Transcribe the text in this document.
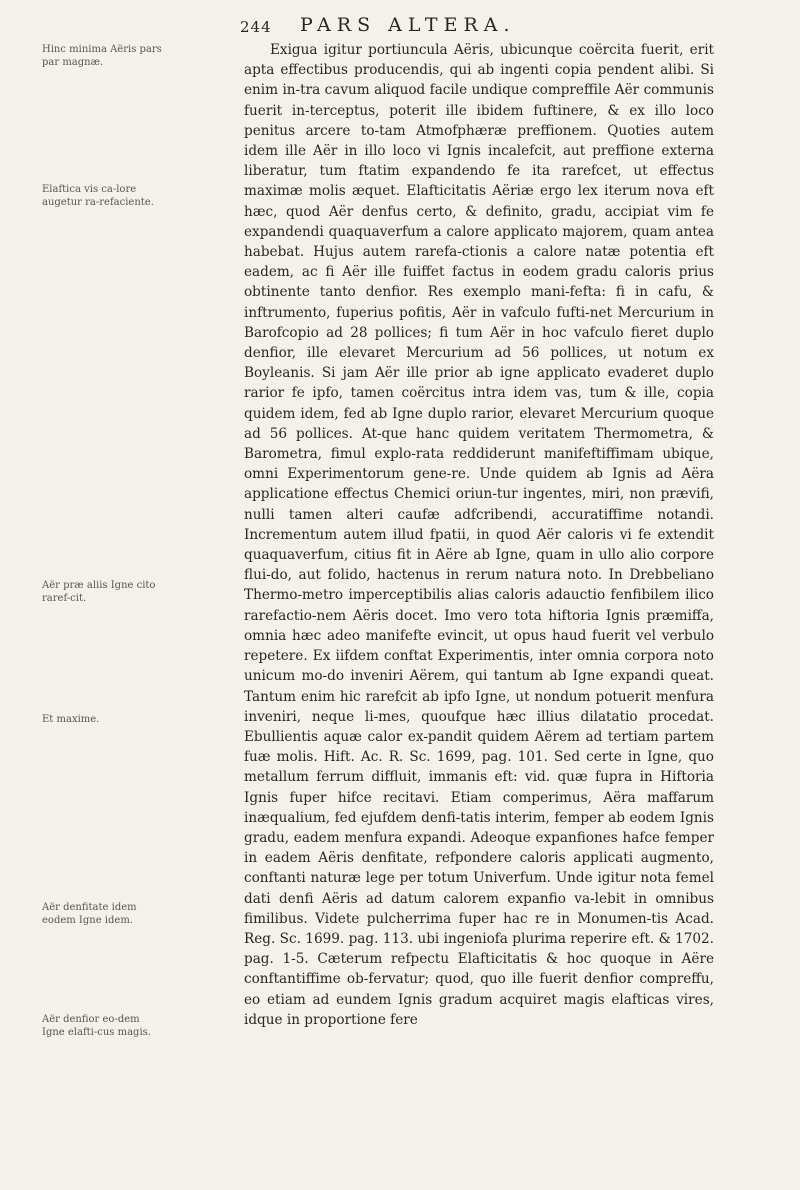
244 PARS ALTERA.
Hinc minima Aëris pars par magnæ.
Elaftica vis ca-lore augetur ra-refaciente.
Aër præ aliis Igne cito raref-cit.
Et maxime.
Aër denfitate idem eodem Igne idem.
Aër denfior eo-dem Igne elafti-cus magis.

Exigua igitur portiuncula Aëris, ubicunque coërcita fuerit, erit apta effectibus producendis, qui ab ingenti copia pendent alibi. Si enim in-tra cavum aliquod facile undique compreffile Aër communis fuerit in-terceptus, poterit ille ibidem fuftinere, & ex illo loco penitus arcere to-tam Atmofphæræ preffionem. Quoties autem idem ille Aër in illo loco vi Ignis incalefcit, aut preffione externa liberatur, tum ftatim expandendo fe ita rarefcet, ut effectus maximæ molis æquet. Elafticitatis Aëriæ ergo lex iterum nova eft hæc, quod Aër denfus certo, & definito, gradu, accipiat vim fe expandendi quaquaverfum a calore applicato majorem, quam antea habebat. Hujus autem rarefa-ctionis a calore natæ potentia eft eadem, ac fi Aër ille fuiffet factus in eodem gradu caloris prius obtinente tanto denfior. Res exemplo mani-fefta: fi in cafu, & inftrumento, fuperius pofitis, Aër in vafculo fufti-net Mercurium in Barofcopio ad 28 pollices; fi tum Aër in hoc vafculo fieret duplo denfior, ille elevaret Mercurium ad 56 pollices, ut notum ex Boyleanis. Si jam Aër ille prior ab igne applicato evaderet duplo rarior fe ipfo, tamen coërcitus intra idem vas, tum & ille, copia quidem idem, fed ab Igne duplo rarior, elevaret Mercurium quoque ad 56 pollices. At-que hanc quidem veritatem Thermometra, & Barometra, fimul explo-rata reddiderunt manifeftiffimam ubique, omni Experimentorum gene-re. Unde quidem ab Ignis ad Aëra applicatione effectus Chemici oriun-tur ingentes, miri, non prævifi, nulli tamen alteri caufæ adfcribendi, accuratiffime notandi. Incrementum autem illud fpatii, in quod Aër caloris vi fe extendit quaquaverfum, citius fit in Aëre ab Igne, quam in ullo alio corpore flui-do, aut folido, hactenus in rerum natura noto. In Drebbeliano Thermo-metro imperceptibilis alias caloris adauctio fenfibilem ilico rarefactio-nem Aëris docet. Imo vero tota hiftoria Ignis præmiffa, omnia hæc adeo manifefte evincit, ut opus haud fuerit vel verbulo repetere. Ex iifdem conftat Experimentis, inter omnia corpora noto unicum mo-do inveniri Aërem, qui tantum ab Igne expandi queat. Tantum enim hic rarefcit ab ipfo Igne, ut nondum potuerit menfura inveniri, neque li-mes, quoufque hæc illius dilatatio procedat. Ebullientis aquæ calor ex-pandit quidem Aërem ad tertiam partem fuæ molis. Hift. Ac. R. Sc. 1699, pag. 101. Sed certe in Igne, quo metallum ferrum diffluit, immanis eft: vid. quæ fupra in Hiftoria Ignis fuper hifce recitavi. Etiam comperimus, Aëra maffarum inæqualium, fed ejufdem denfi-tatis interim, femper ab eodem Ignis gradu, eadem menfura expandi. Adeoque expanfiones hafce femper in eadem Aëris denfitate, refpondere caloris applicati augmento, conftanti naturæ lege per totum Univerfum. Unde igitur nota femel dati denfi Aëris ad datum calorem expanfio va-lebit in omnibus fimilibus. Videte pulcherrima fuper hac re in Monumen-tis Acad. Reg. Sc. 1699. pag. 113. ubi ingeniofa plurima reperire eft. & 1702. pag. 1-5. Cæterum refpectu Elafticitatis & hoc quoque in Aëre conftantiffime ob-fervatur; quod, quo ille fuerit denfior compreffu, eo etiam ad eundem Ignis gradum acquiret magis elafticas vires, idque in proportione fere
